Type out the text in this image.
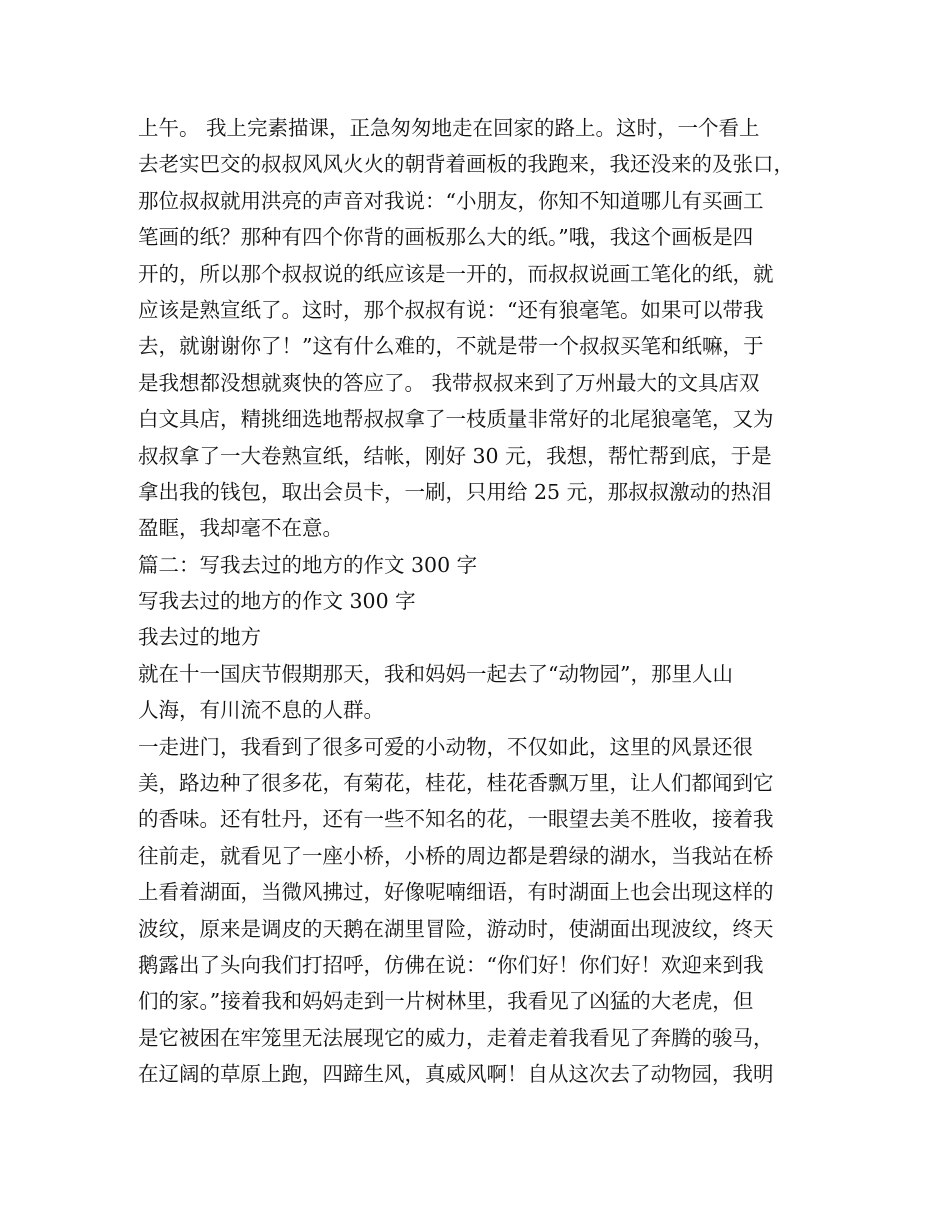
上午。 我上完素描课，正急匆匆地走在回家的路上。这时，一个看上

去老实巴交的叔叔风风火火的朝背着画板的我跑来，我还没来的及张口，

那位叔叔就用洪亮的声音对我说：“小朋友，你知不知道哪儿有买画工

笔画的纸？那种有四个你背的画板那么大的纸。”哦，我这个画板是四

开的，所以那个叔叔说的纸应该是一开的，而叔叔说画工笔化的纸，就

应该是熟宣纸了。这时，那个叔叔有说：“还有狼毫笔。如果可以带我

去，就谢谢你了！”这有什么难的，不就是带一个叔叔买笔和纸嘛，于

是我想都没想就爽快的答应了。 我带叔叔来到了万州最大的文具店双

白文具店，精挑细选地帮叔叔拿了一枝质量非常好的北尾狼毫笔，又为

叔叔拿了一大卷熟宣纸，结帐，刚好 30 元，我想，帮忙帮到底，于是

拿出我的钱包，取出会员卡，一刷，只用给 25 元，那叔叔激动的热泪

盈眶，我却毫不在意。

篇二：写我去过的地方的作文 300 字

写我去过的地方的作文 300 字

我去过的地方

就在十一国庆节假期那天，我和妈妈一起去了“动物园”，那里人山

人海，有川流不息的人群。

一走进门，我看到了很多可爱的小动物，不仅如此，这里的风景还很

美，路边种了很多花，有菊花，桂花，桂花香飘万里，让人们都闻到它

的香味。还有牡丹，还有一些不知名的花，一眼望去美不胜收，接着我

往前走，就看见了一座小桥，小桥的周边都是碧绿的湖水，当我站在桥

上看着湖面，当微风拂过，好像呢喃细语，有时湖面上也会出现这样的

波纹，原来是调皮的天鹅在湖里冒险，游动时，使湖面出现波纹，终天

鹅露出了头向我们打招呼，仿佛在说：“你们好！你们好！欢迎来到我

们的家。”接着我和妈妈走到一片树林里，我看见了凶猛的大老虎，但

是它被困在牢笼里无法展现它的威力，走着走着我看见了奔腾的骏马，

在辽阔的草原上跑，四蹄生风，真威风啊！自从这次去了动物园，我明
